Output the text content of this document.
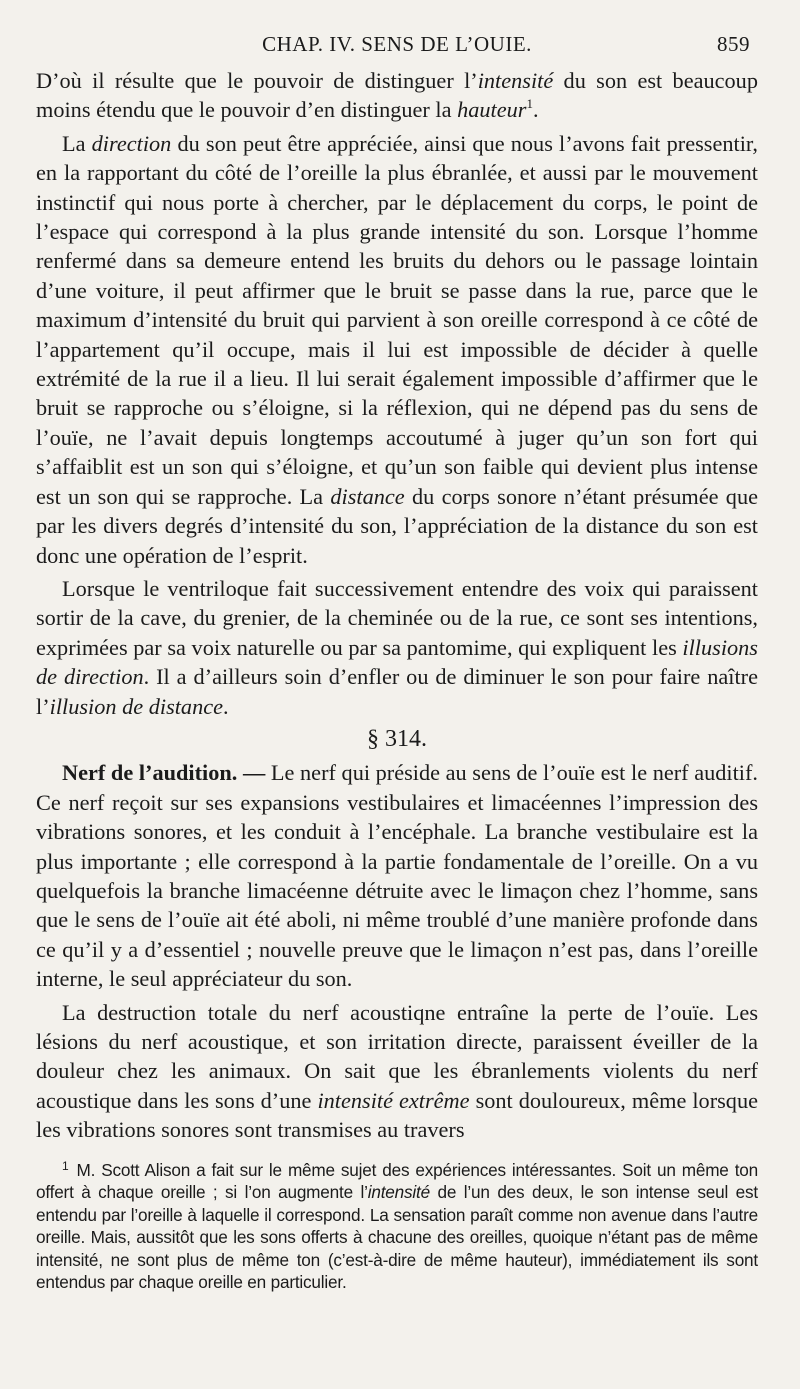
CHAP. IV. SENS DE L’OUIE.	859

D’où il résulte que le pouvoir de distinguer l’intensité du son est beaucoup moins étendu que le pouvoir d’en distinguer la hauteur$^1$.

La direction du son peut être appréciée, ainsi que nous l’avons fait pressentir, en la rapportant du côté de l’oreille la plus ébranlée, et aussi par le mouvement instinctif qui nous porte à chercher, par le déplacement du corps, le point de l’espace qui correspond à la plus grande intensité du son. Lorsque l’homme renfermé dans sa demeure entend les bruits du dehors ou le passage lointain d’une voiture, il peut affirmer que le bruit se passe dans la rue, parce que le maximum d’intensité du bruit qui parvient à son oreille correspond à ce côté de l’appartement qu’il occupe, mais il lui est impossible de décider à quelle extrémité de la rue il a lieu. Il lui serait également impossible d’affirmer que le bruit se rapproche ou s’éloigne, si la réflexion, qui ne dépend pas du sens de l’ouïe, ne l’avait depuis longtemps accoutumé à juger qu’un son fort qui s’affaiblit est un son qui s’éloigne, et qu’un son faible qui devient plus intense est un son qui se rapproche. La distance du corps sonore n’étant présumée que par les divers degrés d’intensité du son, l’appréciation de la distance du son est donc une opération de l’esprit.

Lorsque le ventriloque fait successivement entendre des voix qui paraissent sortir de la cave, du grenier, de la cheminée ou de la rue, ce sont ses intentions, exprimées par sa voix naturelle ou par sa pantomime, qui expliquent les illusions de direction. Il a d’ailleurs soin d’enfler ou de diminuer le son pour faire naître l’illusion de distance.

§ 314.

Nerf de l’audition. — Le nerf qui préside au sens de l’ouïe est le nerf auditif. Ce nerf reçoit sur ses expansions vestibulaires et limacéennes l’impression des vibrations sonores, et les conduit à l’encéphale. La branche vestibulaire est la plus importante ; elle correspond à la partie fondamentale de l’oreille. On a vu quelquefois la branche limacéenne détruite avec le limaçon chez l’homme, sans que le sens de l’ouïe ait été aboli, ni même troublé d’une manière profonde dans ce qu’il y a d’essentiel ; nouvelle preuve que le limaçon n’est pas, dans l’oreille interne, le seul appréciateur du son.

La destruction totale du nerf acoustiqne entraîne la perte de l’ouïe. Les lésions du nerf acoustique, et son irritation directe, paraissent éveiller de la douleur chez les animaux. On sait que les ébranlements violents du nerf acoustique dans les sons d’une intensité extrême sont douloureux, même lorsque les vibrations sonores sont transmises au travers

$^1$ M. Scott Alison a fait sur le même sujet des expériences intéressantes. Soit un même ton offert à chaque oreille ; si l’on augmente l’intensité de l’un des deux, le son intense seul est entendu par l’oreille à laquelle il correspond. La sensation paraît comme non avenue dans l’autre oreille. Mais, aussitôt que les sons offerts à chacune des oreilles, quoique n’étant pas de même intensité, ne sont plus de même ton (c’est-à-dire de même hauteur), immédiatement ils sont entendus par chaque oreille en particulier.
